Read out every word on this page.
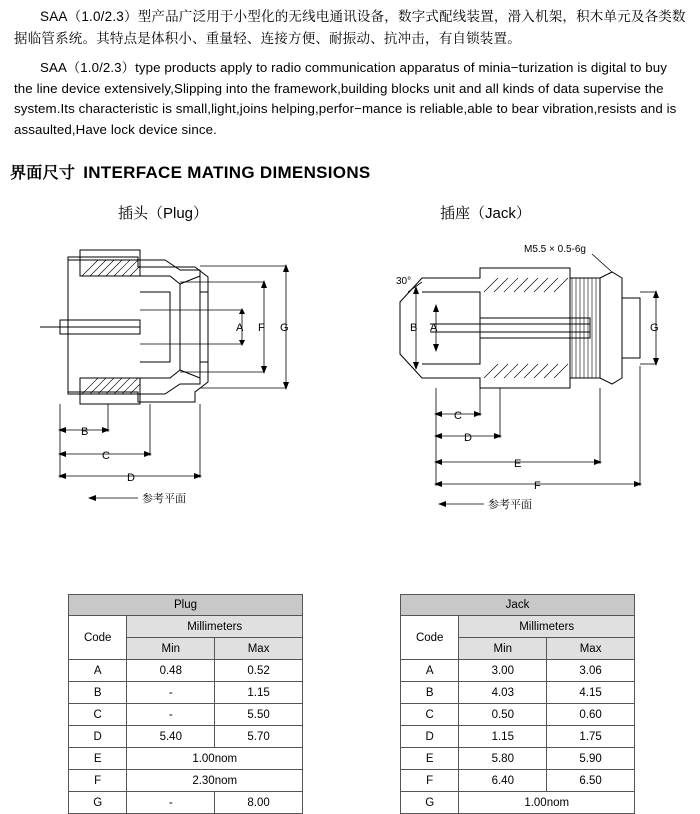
SAA（1.0/2.3）型产品广泛用于小型化的无线电通讯设备，数字式配线装置，滑入机架，积木单元及各类数据临管系统。其特点是体积小、重量轻、连接方便、耐振动、抗冲击，有自锁装置。

SAA（1.0/2.3）type products apply to radio communication apparatus of minia−turization is digital to buy the line device extensively,Slipping into the framework,building blocks unit and all kinds of data supervise the system.Its characteristic is small,light,joins helping,perfor−mance is reliable,able to bear vibration,resists and is assaulted,Have lock device since.

界面尺寸 INTERFACE MATING DIMENSIONS
插头（Plug）	插座（Jack）
A F G
B
C
D
参考平面
M5.5 × 0.5-6g
30°
B A	G
C
D
E
F
参考平面
Plug		
Code	Millimeters	
	Min	Max
A	0.48	0.52
B	-	1.15
C	-	5.50
D	5.40	5.70
E	1.00nom	
F	2.30nom	
G	-	8.00
Jack		
Code	Millimeters	
	Min	Max
A	3.00	3.06
B	4.03	4.15
C	0.50	0.60
D	1.15	1.75
E	5.80	5.90
F	6.40	6.50
G	1.00nom	
